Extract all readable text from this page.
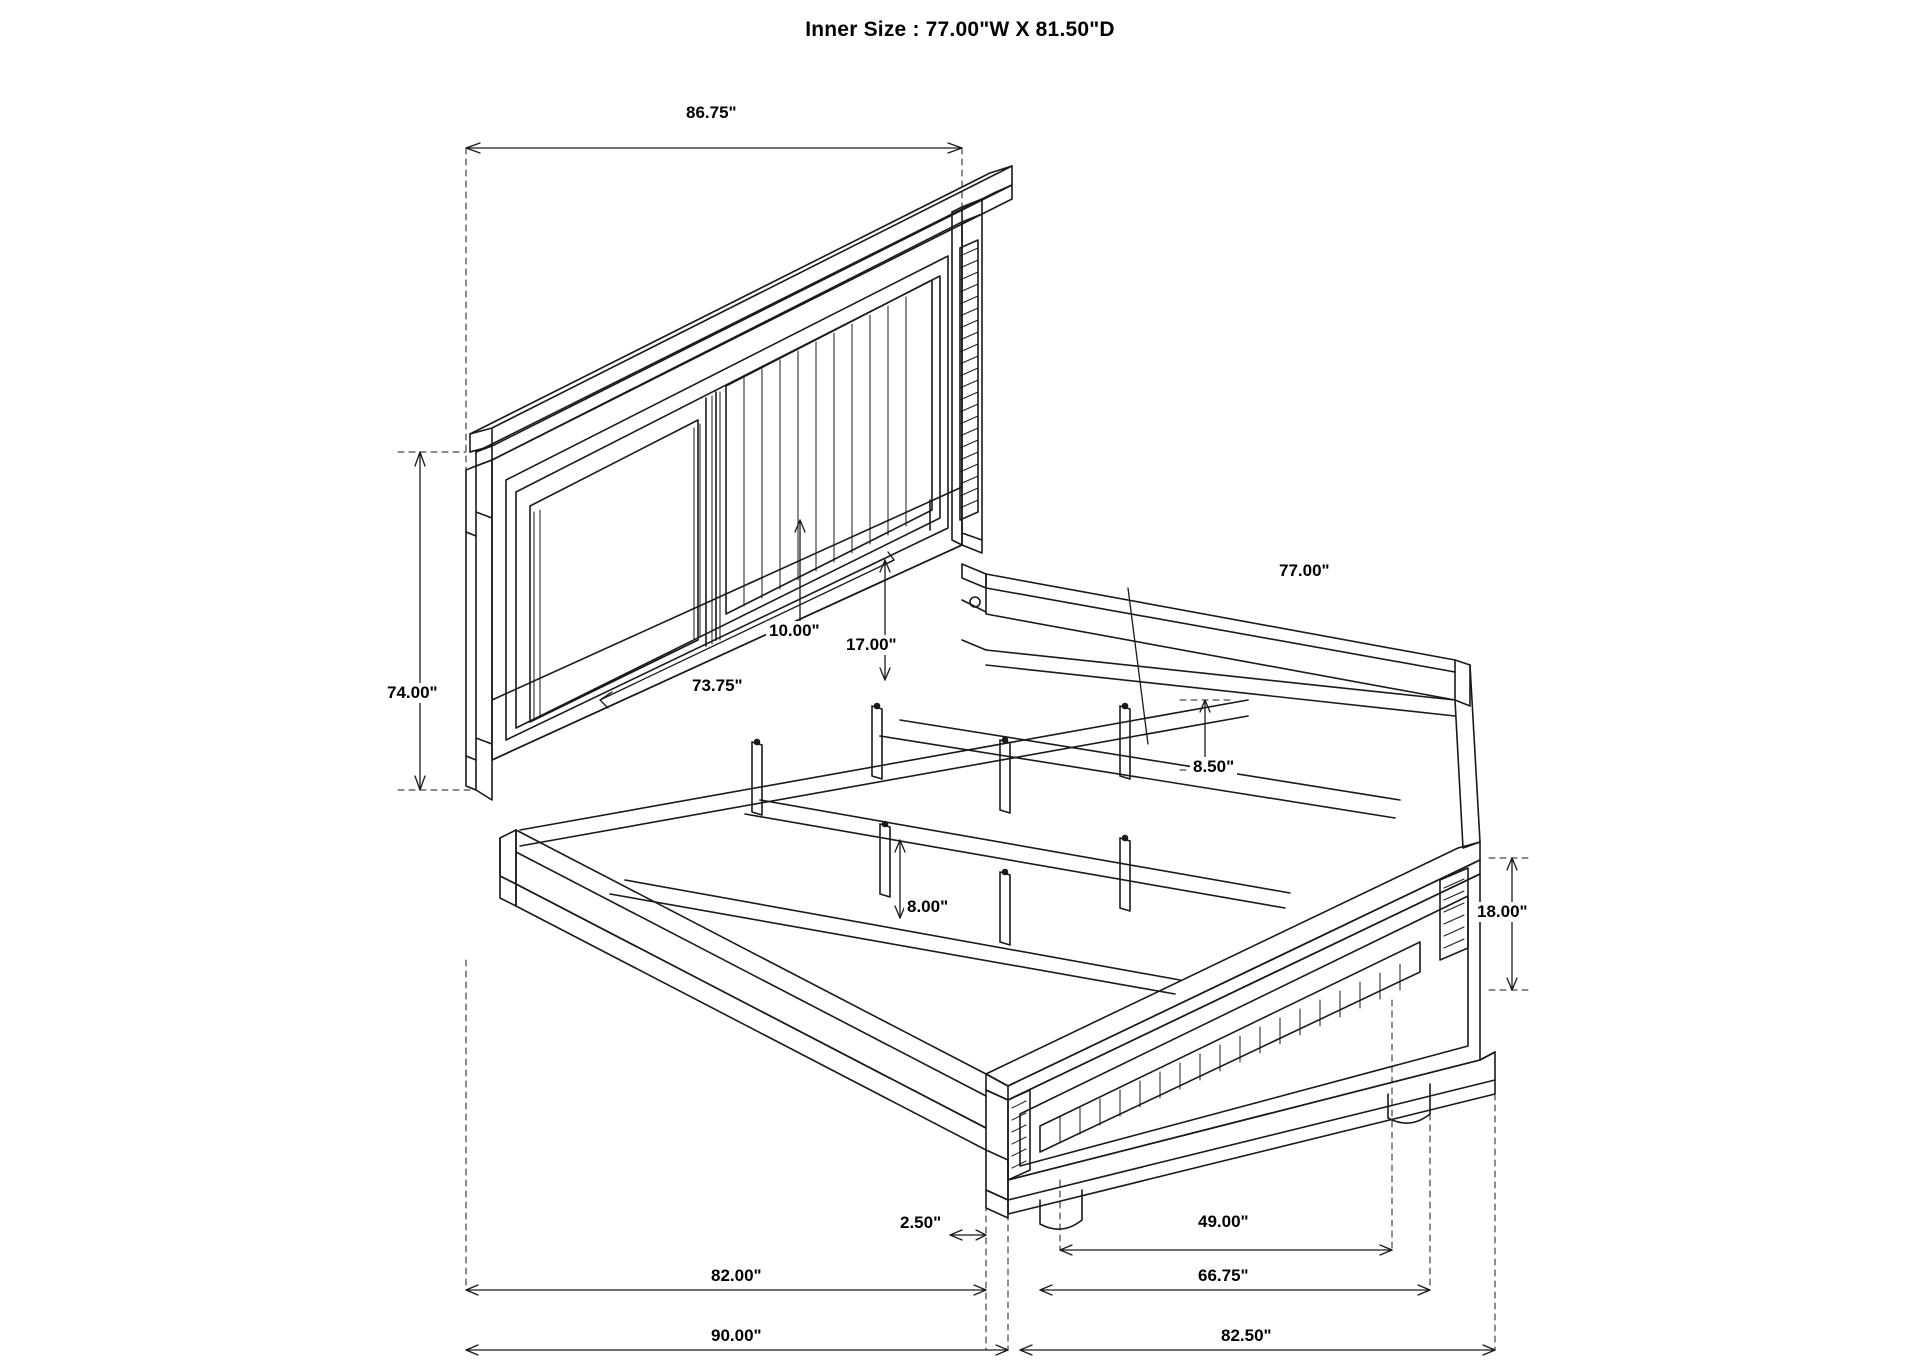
Inner Size : 77.00"W X 81.50"D
86.75"
74.00"	73.75"
10.00"
17.00"
77.00"
8.50"
8.00"	18.00"
2.50"	49.00"
82.00"	66.75"
90.00"	82.50"
